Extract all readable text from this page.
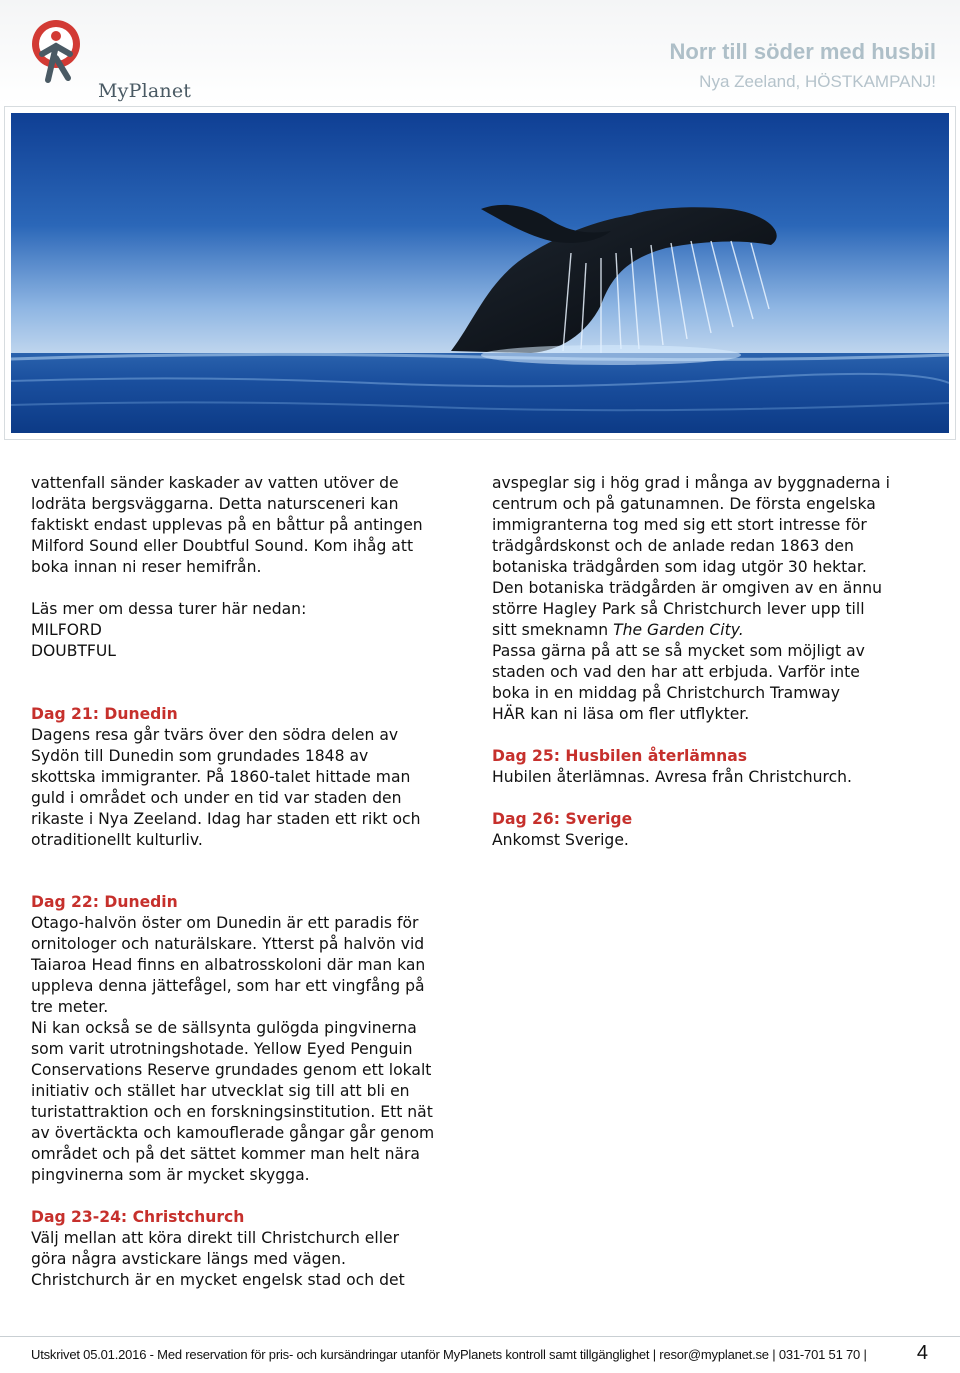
MyPlanet
Norr till söder med husbil
Nya Zeeland, HÖSTKAMPANJ!

vattenfall sänder kaskader av vatten utöver de

lodräta bergsväggarna. Detta natursceneri kan

faktiskt endast upplevas på en båttur på antingen

Milford Sound eller Doubtful Sound. Kom ihåg att

boka innan ni reser hemifrån.

Läs mer om dessa turer här nedan:

MILFORD

DOUBTFUL

Dag 21: Dunedin

Dagens resa går tvärs över den södra delen av

Sydön till Dunedin som grundades 1848 av

skottska immigranter. På 1860-talet hittade man

guld i området och under en tid var staden den

rikaste i Nya Zeeland. Idag har staden ett rikt och

otraditionellt kulturliv.

avspeglar sig i hög grad i många av byggnaderna i

centrum och på gatunamnen. De första engelska

immigranterna tog med sig ett stort intresse för

trädgårdskonst och de anlade redan 1863 den

botaniska trädgården som idag utgör 30 hektar.

Den botaniska trädgården är omgiven av en ännu

större Hagley Park så Christchurch lever upp till

sitt smeknamn The Garden City.

Passa gärna på att se så mycket som möjligt av

staden och vad den har att erbjuda. Varför inte

boka in en middag på Christchurch Tramway

HÄR kan ni läsa om fler utflykter.

Dag 25: Husbilen återlämnas

Hubilen återlämnas. Avresa från Christchurch.

Dag 26: Sverige

Ankomst Sverige.

Dag 22: Dunedin

Otago-halvön öster om Dunedin är ett paradis för

ornitologer och naturälskare. Ytterst på halvön vid

Taiaroa Head finns en albatrosskoloni där man kan

uppleva denna jättefågel, som har ett vingfång på

tre meter.

Ni kan också se de sällsynta gulögda pingvinerna

som varit utrotningshotade. Yellow Eyed Penguin

Conservations Reserve grundades genom ett lokalt

initiativ och stället har utvecklat sig till att bli en

turistattraktion och en forskningsinstitution. Ett nät

av övertäckta och kamouflerade gångar går genom

området och på det sättet kommer man helt nära

pingvinerna som är mycket skygga.

Dag 23-24: Christchurch

Välj mellan att köra direkt till Christchurch eller

göra några avstickare längs med vägen.

Christchurch är en mycket engelsk stad och det

Utskrivet 05.01.2016 - Med reservation för pris- och kursändringar utanför MyPlanets kontroll samt tillgänglighet | resor@myplanet.se | 031-701 51 70 |	4
